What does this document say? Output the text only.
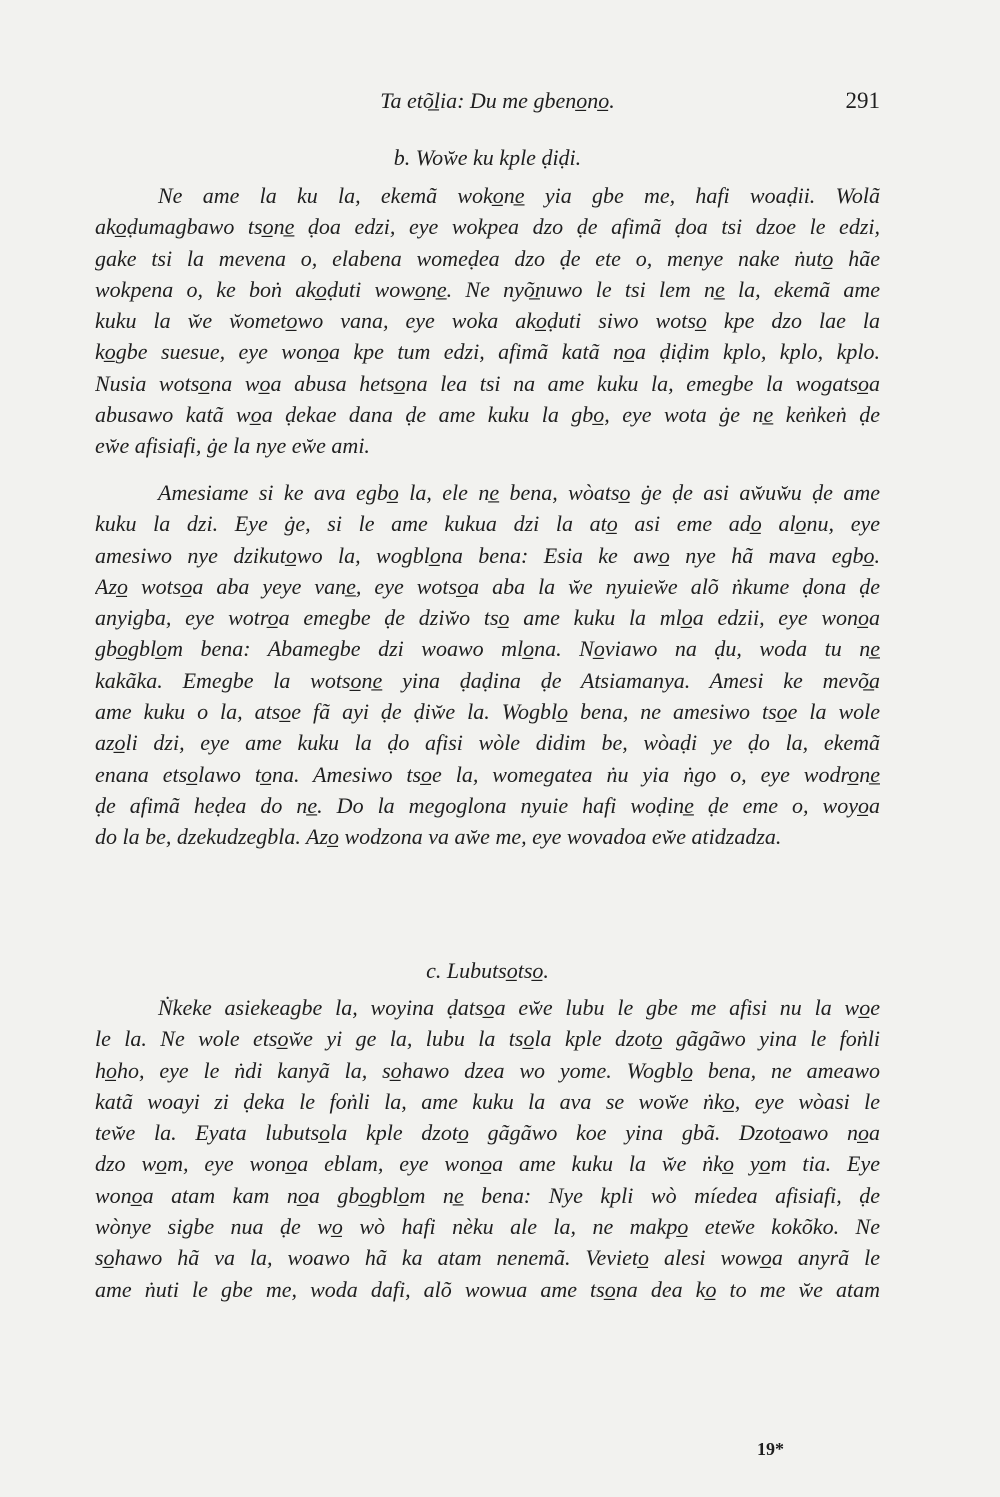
Ta etõ̲lia: Du me gbeno̲no̲.	291
b. Wow̆e ku kple ḍiḍi.
Ne ame la ku la, ekemã woko̲ne̲ yia gbe me, hafi woaḍii. Wolã
ako̲ḍumagbawo tso̲ne̲ ḍoa edzi, eye wokpea dzo ḍe afimã ḍoa tsi dzoe le edzi,
gake tsi la mevena o, elabena womeḍea dzo ḍe ete o, menye nake ṅuto̲ hãe
wokpena o, ke boṅ ako̲ḍuti wowo̲ne̲. Ne nyõ̲nuwo le tsi lem ne̲ la, ekemã ame
kuku la w̆e w̆ometo̲wo vana, eye woka ako̲ḍuti siwo wotso̲ kpe dzo lae la
ko̲gbe suesue, eye wono̲a kpe tum edzi, afimã katã no̲a ḍiḍim kplo, kplo, kplo.
Nusia wotso̲na wo̲a abusa hetso̲na lea tsi na ame kuku la, emegbe la wogatso̲a
abusawo katã wo̲a ḍekae dana ḍe ame kuku la gbo̲, eye wota ġe ne̲ keṅkeṅ ḍe
ew̆e afisiafi, ġe la nye ew̆e ami.
Amesiame si ke ava egbo̲ la, ele ne̲ bena, wòatso̲ ġe ḍe asi aw̆uw̆u ḍe ame
kuku la dzi. Eye ġe, si le ame kukua dzi la ato̲ asi eme ado̲ alo̲nu, eye
amesiwo nye dzikuto̲wo la, wogblo̲na bena: Esia ke awo̲ nye hã mava egbo̲.
Azo̲ wotso̲a aba yeye vane̲, eye wotso̲a aba la w̆e nyuiew̆e alõ ṅkume ḍona ḍe
anyigba, eye wotro̲a emegbe ḍe dziw̆o tso̲ ame kuku la mlo̲a edzii, eye wono̲a
gbo̲gblo̲m bena: Abamegbe dzi woawo mlo̲na. No̲viawo na ḍu, woda tu ne̲
kakãka. Emegbe la wotso̲ne̲ yina ḍaḍina ḍe Atsiamanya. Amesi ke mevõ̲a
ame kuku o la, atso̲e fã ayi ḍe ḍiw̆e la. Wogblo̲ bena, ne amesiwo tso̲e la wole
azo̲li dzi, eye ame kuku la ḍo afisi wòle didim be, wòaḍi ye ḍo la, ekemã
enana etso̲lawo to̲na. Amesiwo tso̲e la, womegatea ṅu yia ṅgo o, eye wodro̲ne̲
ḍe afimã heḍea do ne̲. Do la megoglona nyuie hafi woḍine̲ ḍe eme o, woyo̲a
do la be, dzekudzegbla. Azo̲ wodzona va aw̆e me, eye wovadoa ew̆e atidzadza.
c. Lubutso̲tso̲.
Ṅkeke asiekeagbe la, woyina ḍatso̲a ew̆e lubu le gbe me afisi nu la wo̲e
le la. Ne wole etso̲w̆e yi ge la, lubu la tso̲la kple dzoto̲ gãgãwo yina le foṅli
ho̲ho, eye le ṅdi kanyã la, so̲hawo dzea wo yome. Wogblo̲ bena, ne ameawo
katã woayi zi ḍeka le foṅli la, ame kuku la ava se wow̆e ṅko̲, eye wòasi le
tew̆e la. Eyata lubutso̲la kple dzoto̲ gãgãwo koe yina gbã. Dzoto̲awo no̲a
dzo wo̲m, eye wono̲a eblam, eye wono̲a ame kuku la w̆e ṅko̲ yo̲m tia. Eye
wono̲a atam kam no̲a gbo̲gblo̲m ne̲ bena: Nye kpli wò míedea afisiafi, ḍe
wònye sigbe nua ḍe wo̲ wò hafi nèku ale la, ne makpo̲ etew̆e kokõko. Ne
so̲hawo hã va la, woawo hã ka atam nenemã. Vevieto̲ alesi wowo̲a anyrã le
ame ṅuti le gbe me, woda dafi, alõ wowua ame tso̲na dea ko̲ to me w̆e atam
19*
